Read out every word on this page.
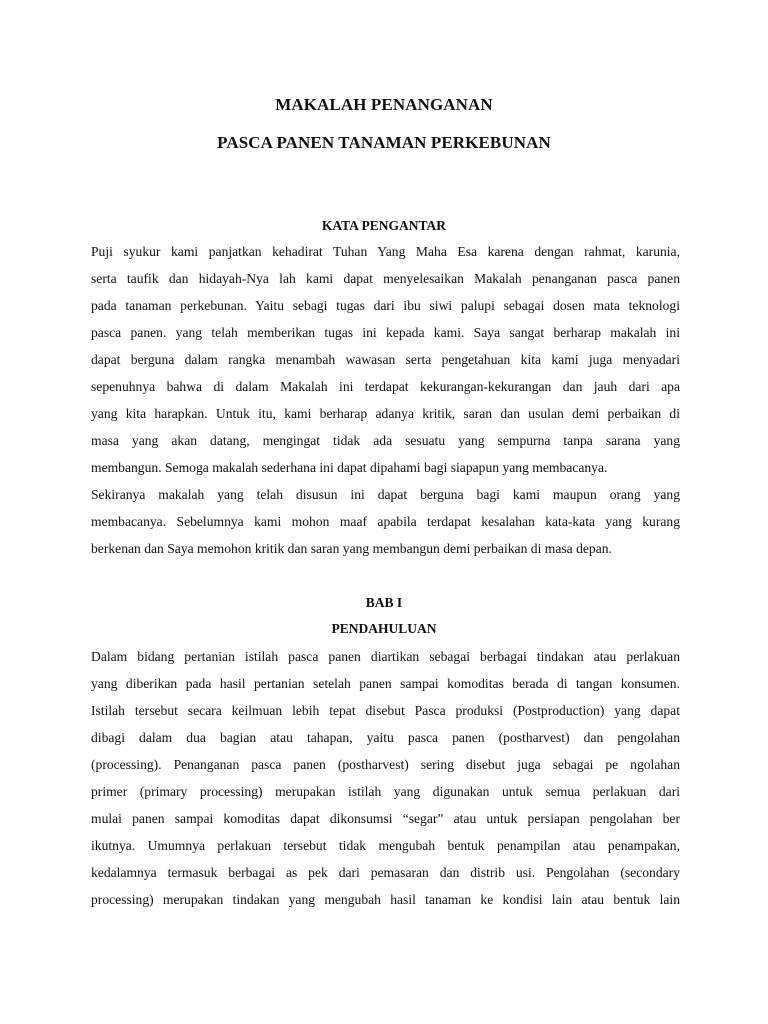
MAKALAH PENANGANAN
PASCA PANEN TANAMAN PERKEBUNAN
KATA PENGANTAR
Puji syukur kami panjatkan kehadirat Tuhan Yang Maha Esa karena dengan rahmat, karunia,
serta taufik dan hidayah-Nya lah kami dapat menyelesaikan Makalah penanganan pasca panen
pada tanaman perkebunan. Yaitu sebagi tugas dari ibu siwi palupi sebagai dosen mata teknologi
pasca panen. yang telah memberikan tugas ini kepada kami. Saya sangat berharap makalah ini
dapat berguna dalam rangka menambah wawasan serta pengetahuan kita kami juga menyadari
sepenuhnya bahwa di dalam Makalah ini terdapat kekurangan-kekurangan dan jauh dari apa
yang kita harapkan. Untuk itu, kami berharap adanya kritik, saran dan usulan demi perbaikan di
masa yang akan datang, mengingat tidak ada sesuatu yang sempurna tanpa sarana yang
membangun. Semoga makalah sederhana ini dapat dipahami bagi siapapun yang membacanya.
Sekiranya makalah yang telah disusun ini dapat berguna bagi kami maupun orang yang
membacanya. Sebelumnya kami mohon maaf apabila terdapat kesalahan kata-kata yang kurang
berkenan dan Saya memohon kritik dan saran yang membangun demi perbaikan di masa depan.
BAB I
PENDAHULUAN
Dalam bidang pertanian istilah pasca panen diartikan sebagai berbagai tindakan atau perlakuan
yang diberikan pada hasil pertanian setelah panen sampai komoditas berada di tangan konsumen.
Istilah tersebut secara keilmuan lebih tepat disebut Pasca produksi (Postproduction) yang dapat
dibagi dalam dua bagian atau tahapan, yaitu pasca panen (postharvest) dan pengolahan
(processing). Penanganan pasca panen (postharvest) sering disebut juga sebagai pe ngolahan
primer (primary processing) merupakan istilah yang digunakan untuk semua perlakuan dari
mulai panen sampai komoditas dapat dikonsumsi “segar” atau untuk persiapan pengolahan ber
ikutnya. Umumnya perlakuan tersebut tidak mengubah bentuk penampilan atau penampakan,
kedalamnya termasuk berbagai as pek dari pemasaran dan distrib usi. Pengolahan (secondary
processing) merupakan tindakan yang mengubah hasil tanaman ke kondisi lain atau bentuk lain
